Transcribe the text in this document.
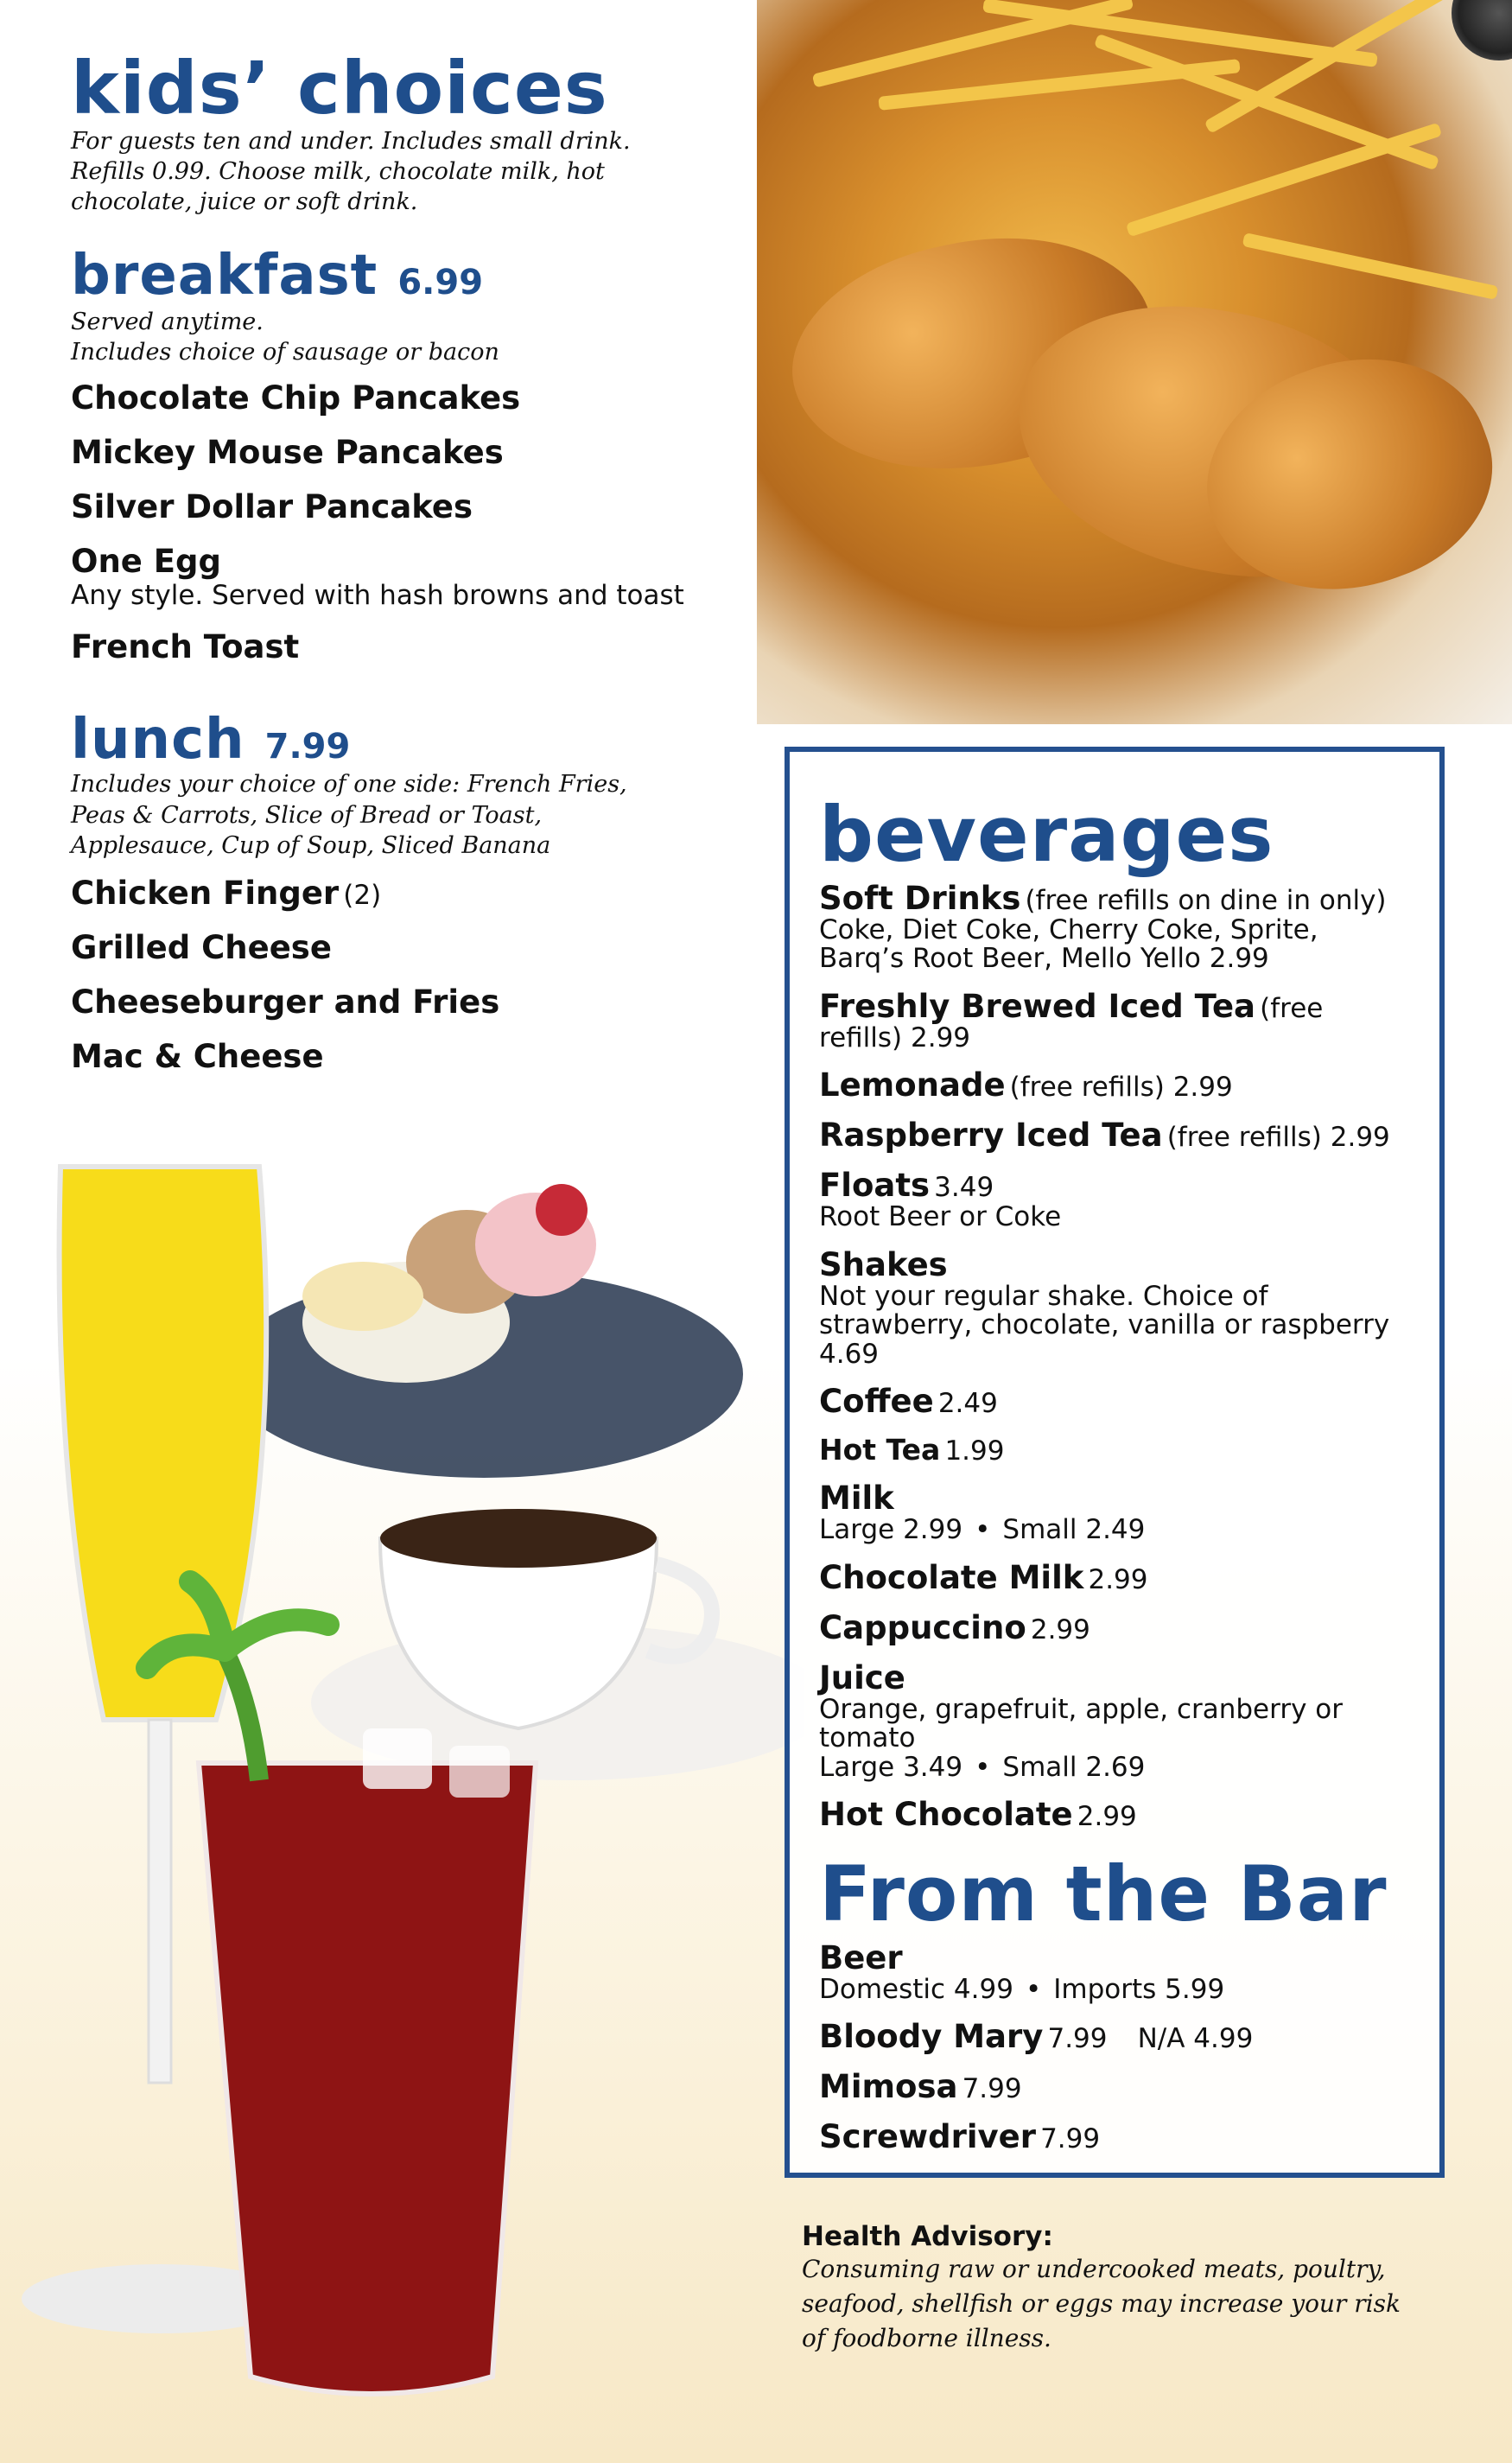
kids’ choices
For guests ten and under. Includes small drink. Refills 0.99. Choose milk, chocolate milk, hot chocolate, juice or soft drink.
breakfast 6.99
Served anytime.
Includes choice of sausage or bacon
Chocolate Chip Pancakes
Mickey Mouse Pancakes
Silver Dollar Pancakes
One Egg
Any style. Served with hash browns and toast
French Toast
lunch 7.99
Includes your choice of one side: French Fries, Peas & Carrots, Slice of Bread or Toast, Applesauce, Cup of Soup, Sliced Banana
Chicken Finger (2)
Grilled Cheese
Cheeseburger and Fries
Mac & Cheese
beverages
Soft Drinks (free refills on dine in only)
Coke, Diet Coke, Cherry Coke, Sprite, Barq’s Root Beer, Mello Yello 2.99
Freshly Brewed Iced Tea (free refills) 2.99
Lemonade (free refills) 2.99
Raspberry Iced Tea (free refills) 2.99
Floats 3.49
Root Beer or Coke
Shakes
Not your regular shake. Choice of strawberry, chocolate, vanilla or raspberry 4.69
Coffee 2.49
Hot Tea 1.99
Milk
Large 2.99 • Small 2.49
Chocolate Milk 2.99
Cappuccino 2.99
Juice
Orange, grapefruit, apple, cranberry or tomato
Large 3.49 • Small 2.69
Hot Chocolate 2.99
From the Bar
Beer
Domestic 4.99 • Imports 5.99
Bloody Mary 7.99 N/A 4.99
Mimosa 7.99
Screwdriver 7.99
Health Advisory:
Consuming raw or undercooked meats, poultry, seafood, shellfish or eggs may increase your risk of foodborne illness.
